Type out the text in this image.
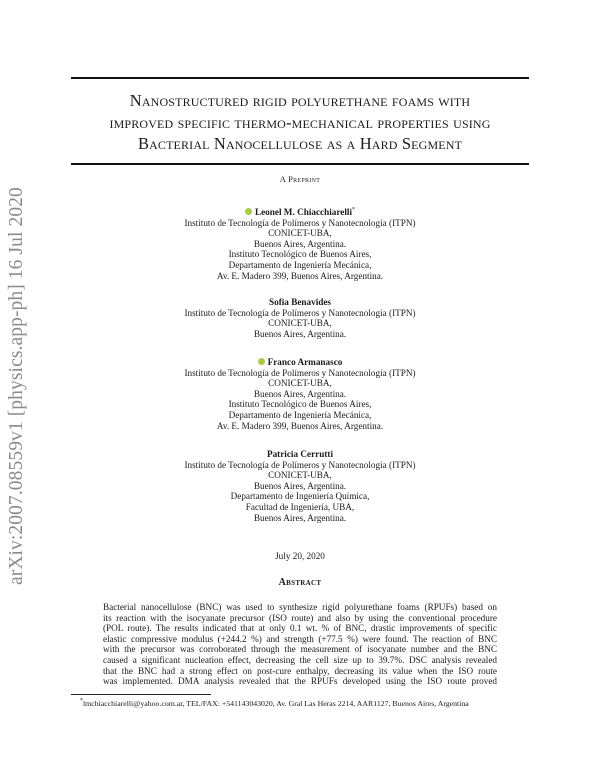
arXiv:2007.08559v1 [physics.app-ph] 16 Jul 2020
Nanostructured rigid polyurethane foams with
improved specific thermo-mechanical properties using
Bacterial Nanocellulose as a Hard Segment
A Preprint
Leonel M. Chiacchiarelli*
Instituto de Tecnología de Polímeros y Nanotecnología (ITPN)
CONICET-UBA,
Buenos Aires, Argentina.
Instituto Tecnológico de Buenos Aires,
Departamento de Ingeniería Mecánica,
Av. E. Madero 399, Buenos Aires, Argentina.
Sofia Benavides
Instituto de Tecnología de Polímeros y Nanotecnología (ITPN)
CONICET-UBA,
Buenos Aires, Argentina.
Franco Armanasco
Instituto de Tecnología de Polímeros y Nanotecnología (ITPN)
CONICET-UBA,
Buenos Aires, Argentina.
Instituto Tecnológico de Buenos Aires,
Departamento de Ingeniería Mecánica,
Av. E. Madero 399, Buenos Aires, Argentina.
Patricia Cerrutti
Instituto de Tecnología de Polímeros y Nanotecnología (ITPN)
CONICET-UBA,
Buenos Aires, Argentina.
Departamento de Ingeniería Química,
Facultad de Ingeniería, UBA,
Buenos Aires, Argentina.
July 20, 2020
Abstract
Bacterial nanocellulose (BNC) was used to synthesize rigid polyurethane foams (RPUFs) based on
its reaction with the isocyanate precursor (ISO route) and also by using the conventional procedure
(POL route). The results indicated that at only 0.1 wt. % of BNC, drastic improvements of specific
elastic compressive modulus (+244.2 %) and strength (+77.5 %) were found. The reaction of BNC
with the precursor was corroborated through the measurement of isocyanate number and the BNC
caused a significant nucleation effect, decreasing the cell size up to 39.7%. DSC analysis revealed
that the BNC had a strong effect on post-cure enthalpy, decreasing its value when the ISO route
was implemented. DMA analysis revealed that the RPUFs developed using the ISO route proved
*lmchiacchiarelli@yahoo.com.ar, TEL/FAX: +541143043020, Av. Gral Las Heras 2214, AAR1127, Buenos Aires, Argentina
